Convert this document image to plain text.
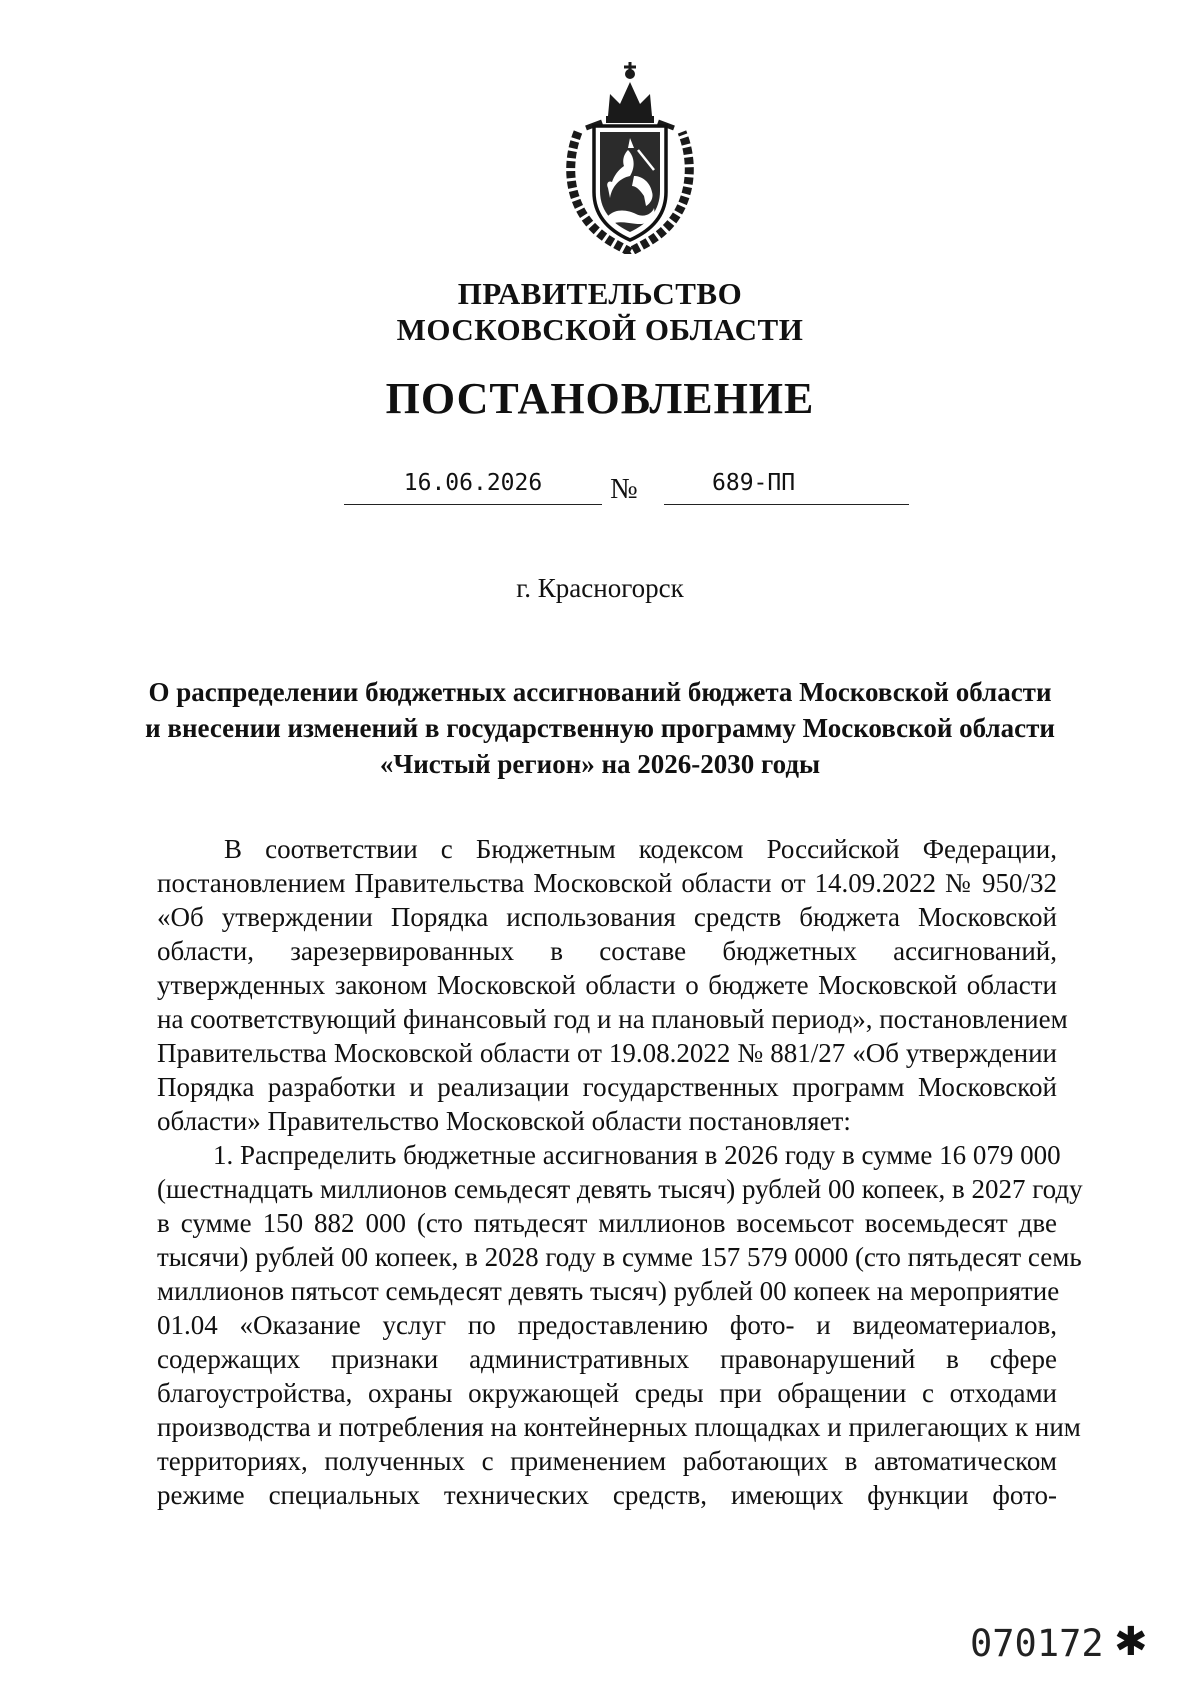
ПРАВИТЕЛЬСТВО
МОСКОВСКОЙ ОБЛАСТИ
ПОСТАНОВЛЕНИЕ
16.06.2026	№	689-ПП
г. Красногорск
О распределении бюджетных ассигнований бюджета Московской области
и внесении изменений в государственную программу Московской области
«Чистый регион» на 2026-2030 годы
В соответствии с Бюджетным кодексом Российской Федерации,
постановлением Правительства Московской области от 14.09.2022 № 950/32
«Об утверждении Порядка использования средств бюджета Московской
области, зарезервированных в составе бюджетных ассигнований,
утвержденных законом Московской области о бюджете Московской области
на соответствующий финансовый год и на плановый период», постановлением
Правительства Московской области от 19.08.2022 № 881/27 «Об утверждении
Порядка разработки и реализации государственных программ Московской
области» Правительство Московской области постановляет:
1. Распределить бюджетные ассигнования в 2026 году в сумме 16 079 000
(шестнадцать миллионов семьдесят девять тысяч) рублей 00 копеек, в 2027 году
в сумме 150 882 000 (сто пятьдесят миллионов восемьсот восемьдесят две
тысячи) рублей 00 копеек, в 2028 году в сумме 157 579 0000 (сто пятьдесят семь
миллионов пятьсот семьдесят девять тысяч) рублей 00 копеек на мероприятие
01.04 «Оказание услуг по предоставлению фото- и видеоматериалов,
содержащих признаки административных правонарушений в сфере
благоустройства, охраны окружающей среды при обращении с отходами
производства и потребления на контейнерных площадках и прилегающих к ним
территориях, полученных с применением работающих в автоматическом
режиме специальных технических средств, имеющих функции фото-
070172 ✱
